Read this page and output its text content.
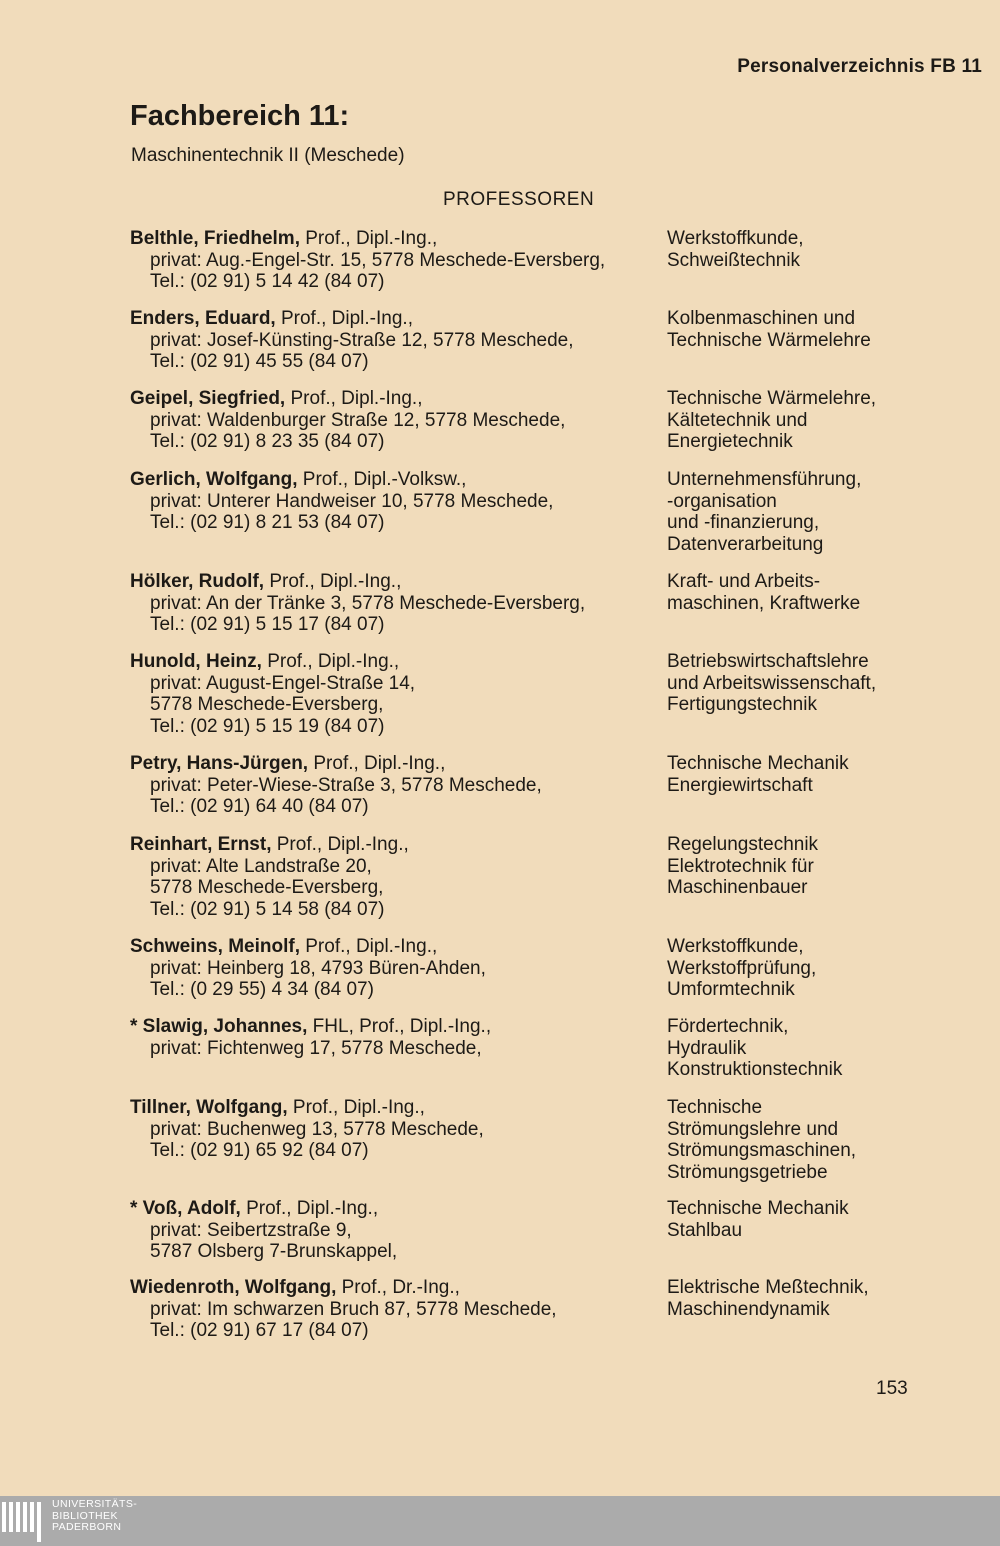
Personalverzeichnis FB 11
Fachbereich 11:
Maschinentechnik II (Meschede)
PROFESSOREN
Belthle, Friedhelm, Prof., Dipl.-Ing.,
privat: Aug.-Engel-Str. 15, 5778 Meschede-Eversberg,
Tel.: (02 91) 5 14 42 (84 07)
Werkstoffkunde,
Schweißtechnik
Enders, Eduard, Prof., Dipl.-Ing.,
privat: Josef-Künsting-Straße 12, 5778 Meschede,
Tel.: (02 91) 45 55 (84 07)
Kolbenmaschinen und
Technische Wärmelehre
Geipel, Siegfried, Prof., Dipl.-Ing.,
privat: Waldenburger Straße 12, 5778 Meschede,
Tel.: (02 91) 8 23 35 (84 07)
Technische Wärmelehre,
Kältetechnik und
Energietechnik
Gerlich, Wolfgang, Prof., Dipl.-Volksw.,
privat: Unterer Handweiser 10, 5778 Meschede,
Tel.: (02 91) 8 21 53 (84 07)
Unternehmensführung,
-organisation
und -finanzierung,
Datenverarbeitung
Hölker, Rudolf, Prof., Dipl.-Ing.,
privat: An der Tränke 3, 5778 Meschede-Eversberg,
Tel.: (02 91) 5 15 17 (84 07)
Kraft- und Arbeits-
maschinen, Kraftwerke
Hunold, Heinz, Prof., Dipl.-Ing.,
privat: August-Engel-Straße 14,
5778 Meschede-Eversberg,
Tel.: (02 91) 5 15 19 (84 07)
Betriebswirtschaftslehre
und Arbeitswissenschaft,
Fertigungstechnik
Petry, Hans-Jürgen, Prof., Dipl.-Ing.,
privat: Peter-Wiese-Straße 3, 5778 Meschede,
Tel.: (02 91) 64 40 (84 07)
Technische Mechanik
Energiewirtschaft
Reinhart, Ernst, Prof., Dipl.-Ing.,
privat: Alte Landstraße 20,
5778 Meschede-Eversberg,
Tel.: (02 91) 5 14 58 (84 07)
Regelungstechnik
Elektrotechnik für
Maschinenbauer
Schweins, Meinolf, Prof., Dipl.-Ing.,
privat: Heinberg 18, 4793 Büren-Ahden,
Tel.: (0 29 55) 4 34 (84 07)
Werkstoffkunde,
Werkstoffprüfung,
Umformtechnik
* Slawig, Johannes, FHL, Prof., Dipl.-Ing.,
privat: Fichtenweg 17, 5778 Meschede,
Fördertechnik,
Hydraulik
Konstruktionstechnik
Tillner, Wolfgang, Prof., Dipl.-Ing.,
privat: Buchenweg 13, 5778 Meschede,
Tel.: (02 91) 65 92 (84 07)
Technische
Strömungslehre und
Strömungsmaschinen,
Strömungsgetriebe
* Voß, Adolf, Prof., Dipl.-Ing.,
privat: Seibertzstraße 9,
5787 Olsberg 7-Brunskappel,
Technische Mechanik
Stahlbau
Wiedenroth, Wolfgang, Prof., Dr.-Ing.,
privat: Im schwarzen Bruch 87, 5778 Meschede,
Tel.: (02 91) 67 17 (84 07)
Elektrische Meßtechnik,
Maschinendynamik
153
UNIVERSITÄTS-
BIBLIOTHEK
PADERBORN
